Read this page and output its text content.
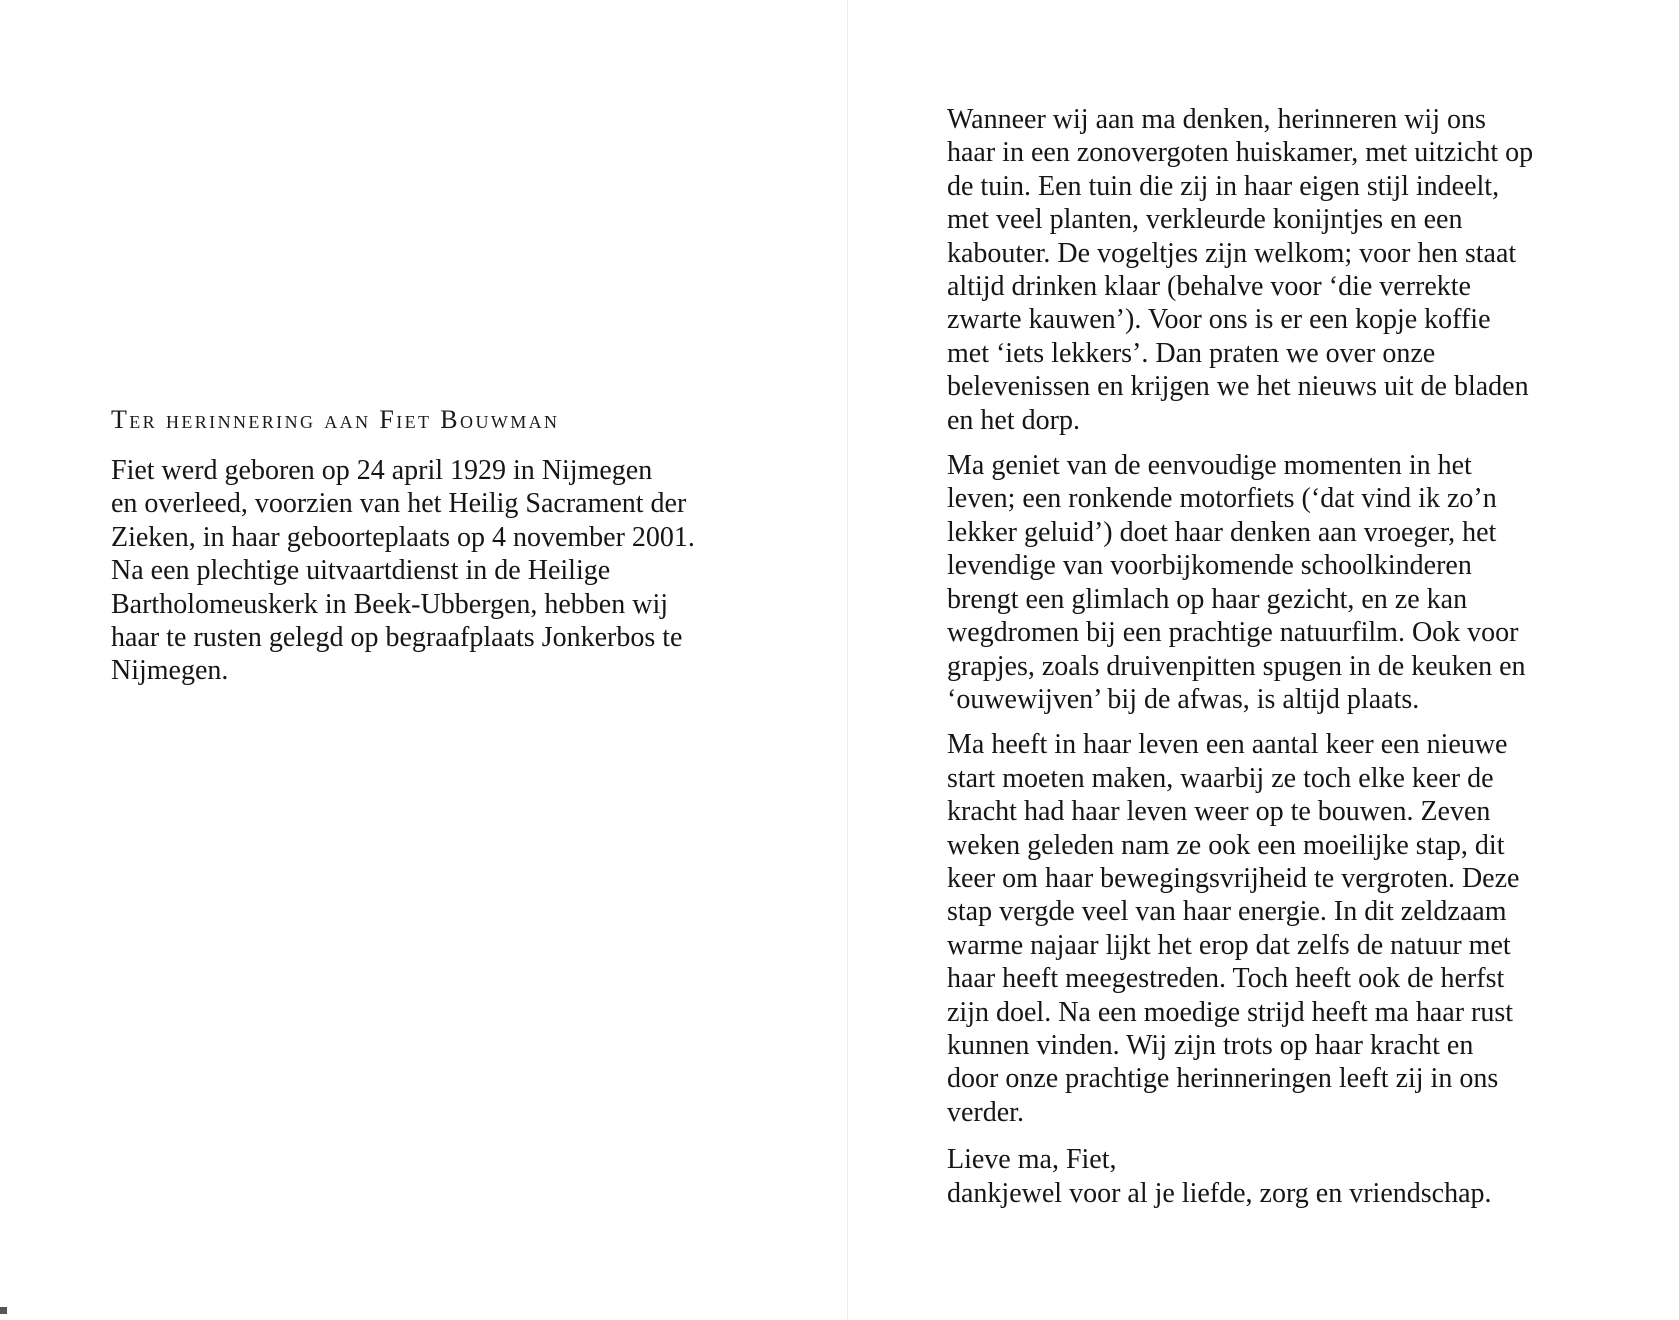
Ter herinnering aan Fiet Bouwman
Fiet werd geboren op 24 april 1929 in Nijmegen
en overleed, voorzien van het Heilig Sacrament der
Zieken, in haar geboorteplaats op 4 november 2001.
Na een plechtige uitvaartdienst in de Heilige
Bartholomeuskerk in Beek-Ubbergen, hebben wij
haar te rusten gelegd op begraafplaats Jonkerbos te
Nijmegen.
Wanneer wij aan ma denken, herinneren wij ons
haar in een zonovergoten huiskamer, met uitzicht op
de tuin. Een tuin die zij in haar eigen stijl indeelt,
met veel planten, verkleurde konijntjes en een
kabouter. De vogeltjes zijn welkom; voor hen staat
altijd drinken klaar (behalve voor ‘die verrekte
zwarte kauwen’). Voor ons is er een kopje koffie
met ‘iets lekkers’. Dan praten we over onze
belevenissen en krijgen we het nieuws uit de bladen
en het dorp.
Ma geniet van de eenvoudige momenten in het
leven; een ronkende motorfiets (‘dat vind ik zo’n
lekker geluid’) doet haar denken aan vroeger, het
levendige van voorbijkomende schoolkinderen
brengt een glimlach op haar gezicht, en ze kan
wegdromen bij een prachtige natuurfilm. Ook voor
grapjes, zoals druivenpitten spugen in de keuken en
‘ouwewijven’ bij de afwas, is altijd plaats.
Ma heeft in haar leven een aantal keer een nieuwe
start moeten maken, waarbij ze toch elke keer de
kracht had haar leven weer op te bouwen. Zeven
weken geleden nam ze ook een moeilijke stap, dit
keer om haar bewegingsvrijheid te vergroten. Deze
stap vergde veel van haar energie. In dit zeldzaam
warme najaar lijkt het erop dat zelfs de natuur met
haar heeft meegestreden. Toch heeft ook de herfst
zijn doel. Na een moedige strijd heeft ma haar rust
kunnen vinden. Wij zijn trots op haar kracht en
door onze prachtige herinneringen leeft zij in ons
verder.
Lieve ma, Fiet,
dankjewel voor al je liefde, zorg en vriendschap.
